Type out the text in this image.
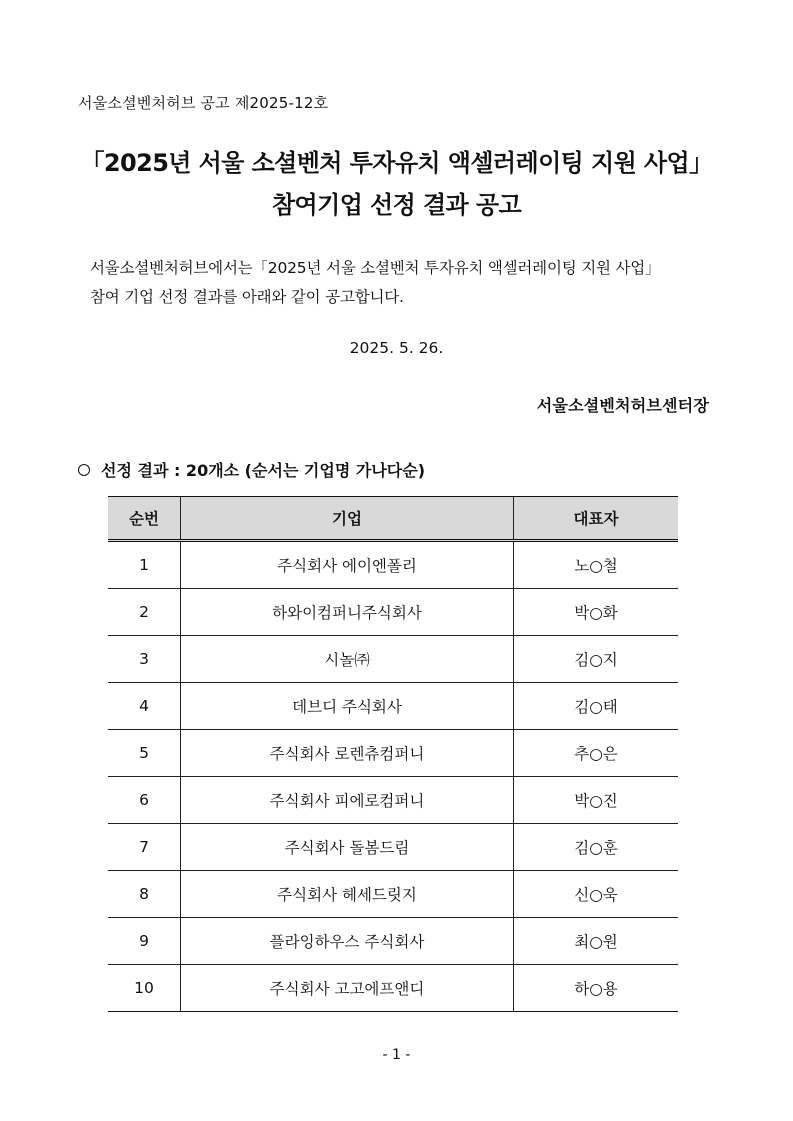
서울소셜벤처허브 공고 제2025-12호
「2025년 서울 소셜벤처 투자유치 액셀러레이팅 지원 사업」
참여기업 선정 결과 공고
서울소셜벤처허브에서는「2025년 서울 소셜벤처 투자유치 액셀러레이팅 지원 사업」
참여 기업 선정 결과를 아래와 같이 공고합니다.
2025. 5. 26.
서울소셜벤처허브센터장
선정 결과 : 20개소 (순서는 기업명 가나다순)
순번	기업	대표자
1	주식회사 에이엔폴리	노○철
2	하와이컴퍼니주식회사	박○화
3	시놀㈜	김○지
4	데브디 주식회사	김○태
5	주식회사 로렌츄컴퍼니	추○은
6	주식회사 피에로컴퍼니	박○진
7	주식회사 돌봄드림	김○훈
8	주식회사 헤세드릿지	신○욱
9	플라잉하우스 주식회사	최○원
10	주식회사 고고에프앤디	하○용
- 1 -
